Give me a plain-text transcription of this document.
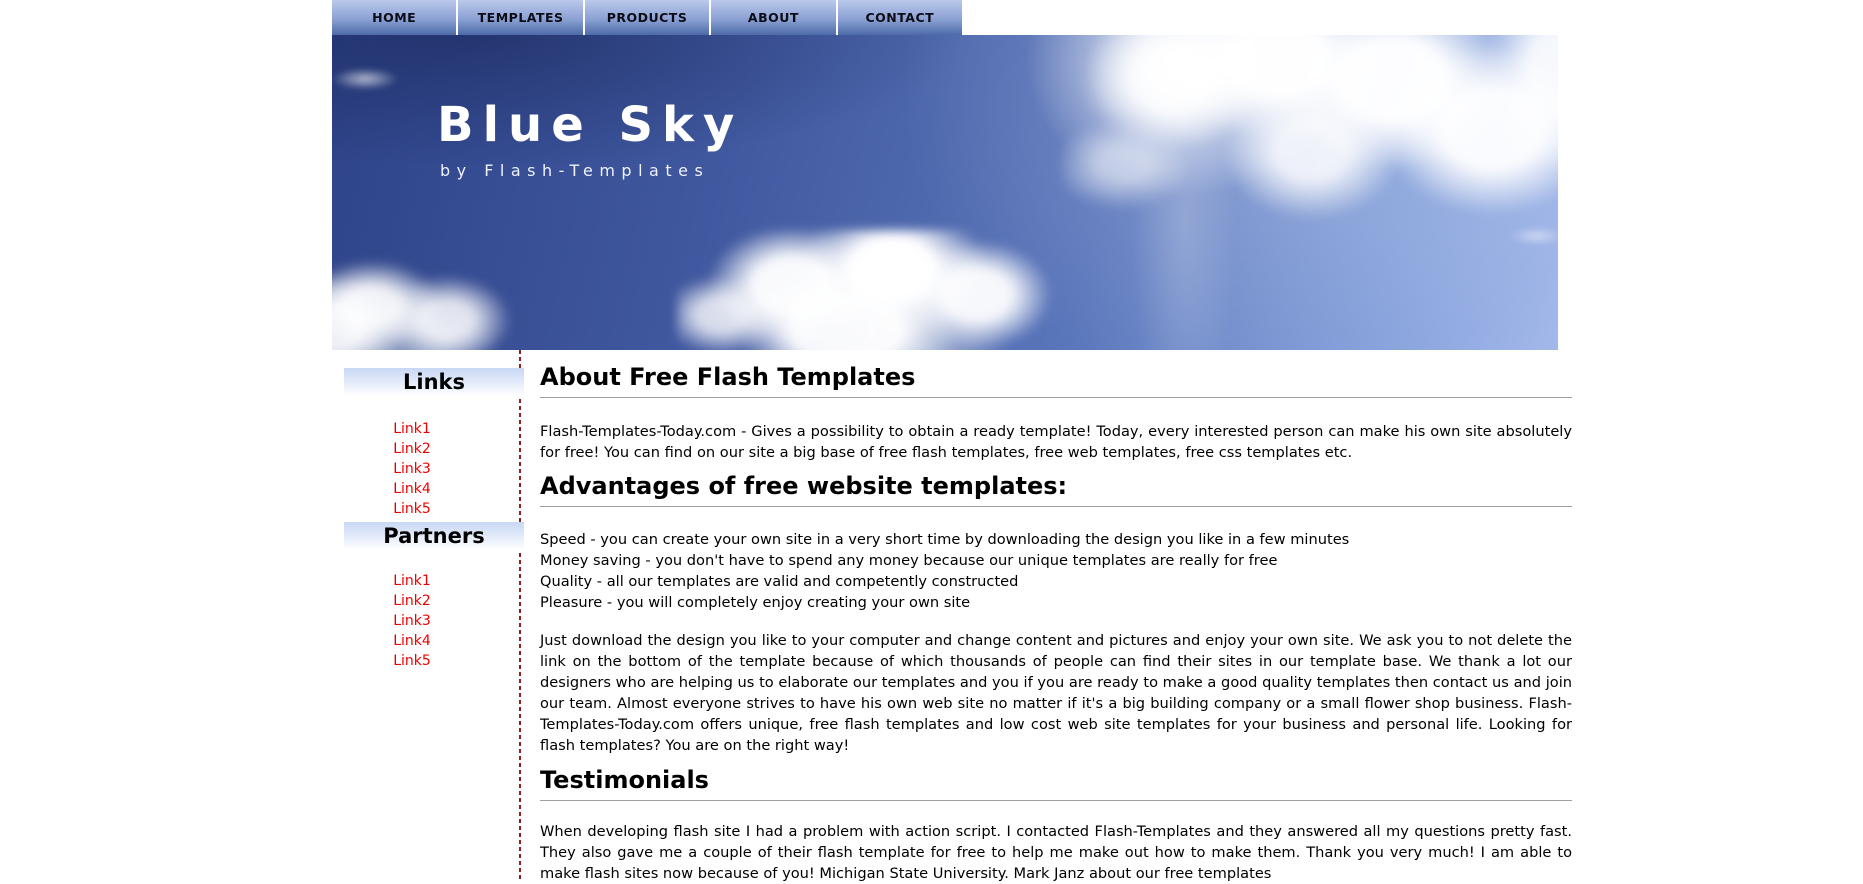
HOME	TEMPLATES	PRODUCTS	ABOUT	CONTACT
Blue Sky
by Flash-Templates
Links
Link1
Link2
Link3
Link4
Link5
Partners
Link1
Link2
Link3
Link4
Link5
About Free Flash Templates

Flash-Templates-Today.com - Gives a possibility to obtain a ready template! Today, every interested person can make his own site absolutely for free! You can find on our site a big base of free flash templates, free web templates, free css templates etc.

Advantages of free website templates:
Speed - you can create your own site in a very short time by downloading the design you like in a few minutes
Money saving - you don't have to spend any money because our unique templates are really for free
Quality - all our templates are valid and competently constructed
Pleasure - you will completely enjoy creating your own site

Just download the design you like to your computer and change content and pictures and enjoy your own site. We ask you to not delete the link on the bottom of the template because of which thousands of people can find their sites in our template base. We thank a lot our designers who are helping us to elaborate our templates and you if you are ready to make a good quality templates then contact us and join our team. Almost everyone strives to have his own web site no matter if it's a big building company or a small flower shop business. Flash-Templates-Today.com offers unique, free flash templates and low cost web site templates for your business and personal life. Looking for flash templates? You are on the right way!

Testimonials

When developing flash site I had a problem with action script. I contacted Flash-Templates and they answered all my questions pretty fast. They also gave me a couple of their flash template for free to help me make out how to make them. Thank you very much! I am able to make flash sites now because of you! Michigan State University. Mark Janz about our free templates
